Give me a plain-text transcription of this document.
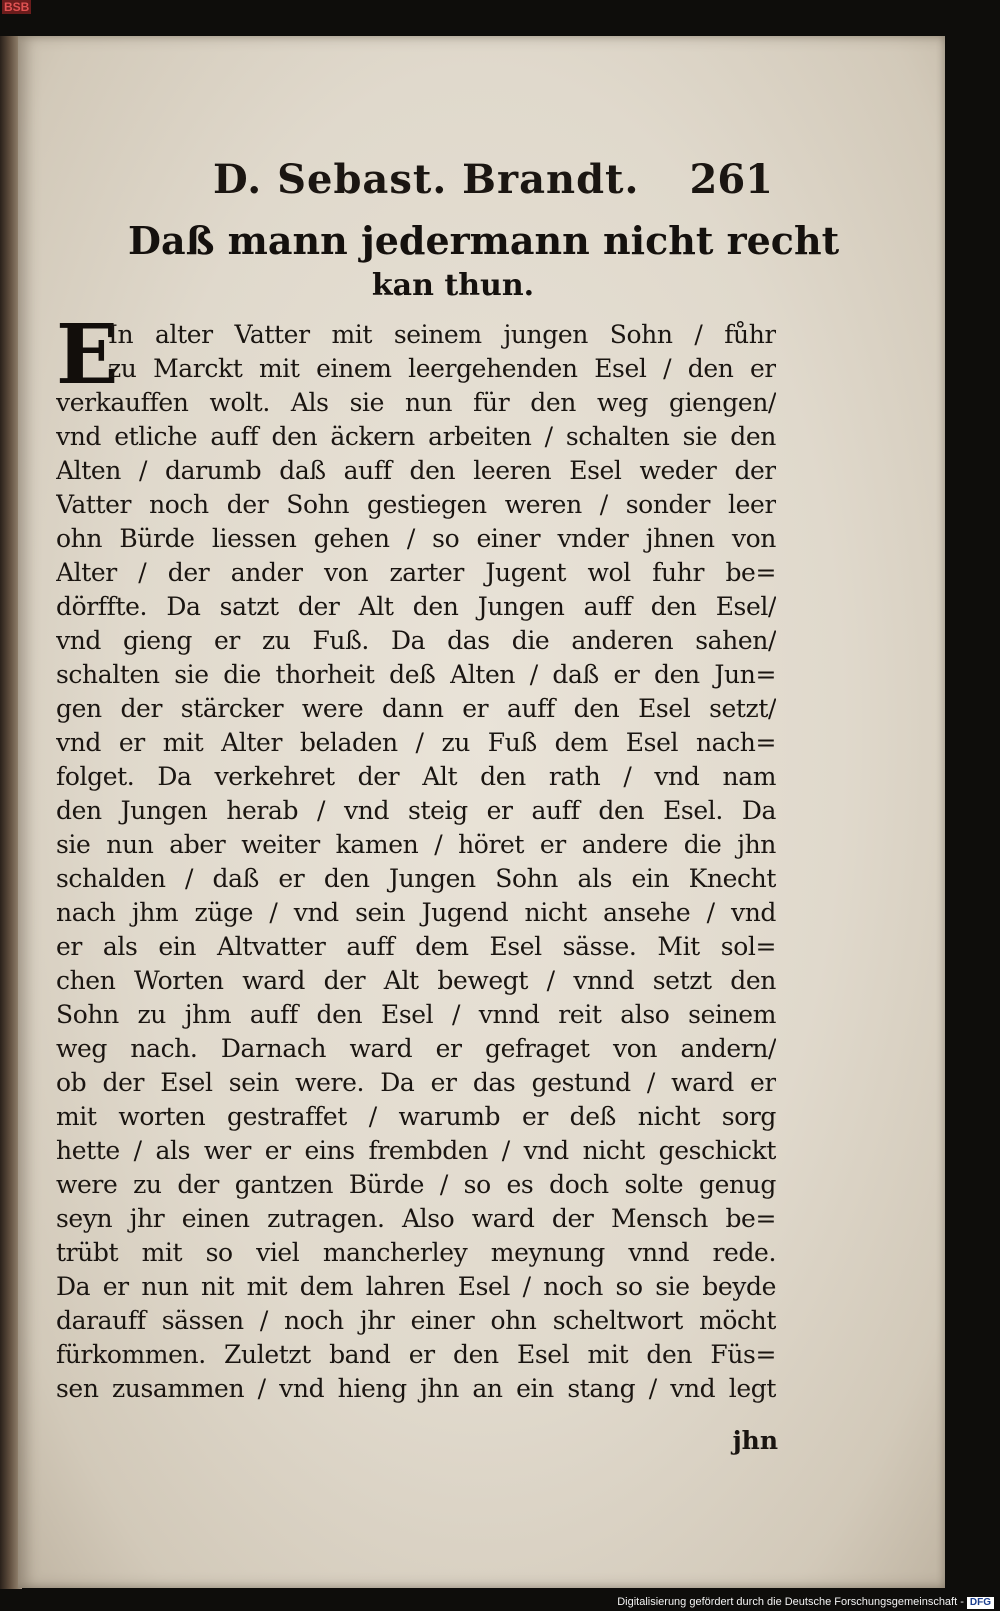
BSB
D. Sebast. Brandt. 261
Daß mann jedermann nicht recht
kan thun.
E
In alter Vatter mit seinem jungen Sohn / fůhr
zu Marckt mit einem leergehenden Esel / den er
verkauffen wolt. Als sie nun für den weg giengen/
vnd etliche auff den äckern arbeiten / schalten sie den
Alten / darumb daß auff den leeren Esel weder der
Vatter noch der Sohn gestiegen weren / sonder leer
ohn Bürde liessen gehen / so einer vnder jhnen von
Alter / der ander von zarter Jugent wol fuhr be=
dörffte. Da satzt der Alt den Jungen auff den Esel/
vnd gieng er zu Fuß. Da das die anderen sahen/
schalten sie die thorheit deß Alten / daß er den Jun=
gen der stärcker were dann er auff den Esel setzt/
vnd er mit Alter beladen / zu Fuß dem Esel nach=
folget. Da verkehret der Alt den rath / vnd nam
den Jungen herab / vnd steig er auff den Esel. Da
sie nun aber weiter kamen / höret er andere die jhn
schalden / daß er den Jungen Sohn als ein Knecht
nach jhm züge / vnd sein Jugend nicht ansehe / vnd
er als ein Altvatter auff dem Esel sässe. Mit sol=
chen Worten ward der Alt bewegt / vnnd setzt den
Sohn zu jhm auff den Esel / vnnd reit also seinem
weg nach. Darnach ward er gefraget von andern/
ob der Esel sein were. Da er das gestund / ward er
mit worten gestraffet / warumb er deß nicht sorg
hette / als wer er eins frembden / vnd nicht geschickt
were zu der gantzen Bürde / so es doch solte genug
seyn jhr einen zutragen. Also ward der Mensch be=
trübt mit so viel mancherley meynung vnnd rede.
Da er nun nit mit dem lahren Esel / noch so sie beyde
darauff sässen / noch jhr einer ohn scheltwort möcht
fürkommen. Zuletzt band er den Esel mit den Füs=
sen zusammen / vnd hieng jhn an ein stang / vnd legt
jhn
Digitalisierung gefördert durch die Deutsche Forschungsgemeinschaft - DFG
